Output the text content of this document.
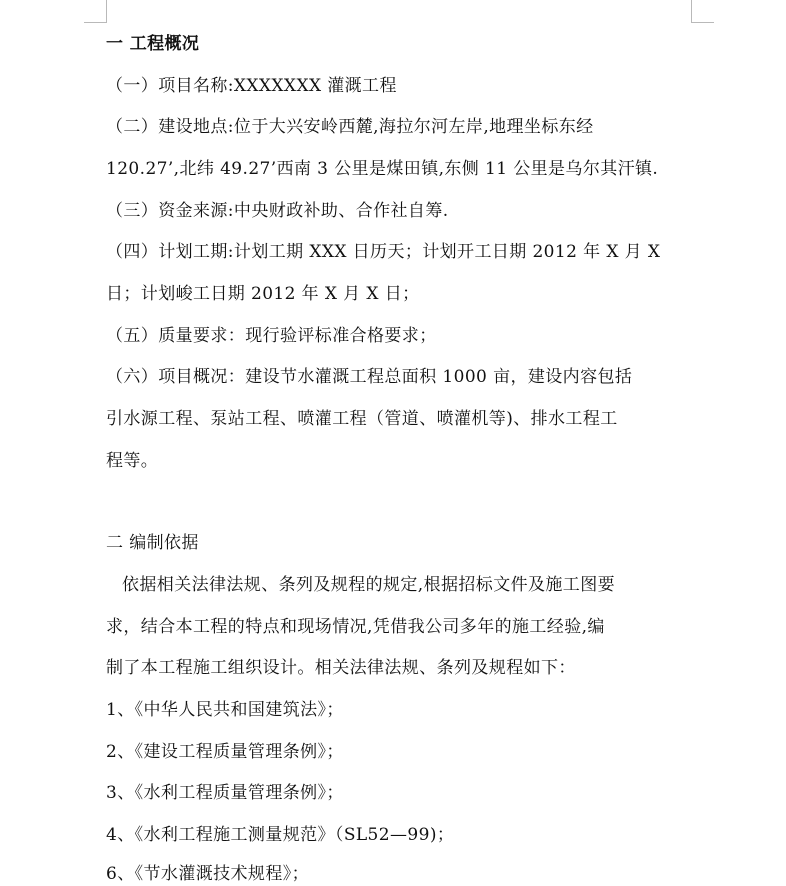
一 工程概况
（一）项目名称:XXXXXXX 灌溉工程
（二）建设地点:位于大兴安岭西麓,海拉尔河左岸,地理坐标东经
120.27’,北纬 49.27’西南 3 公里是煤田镇,东侧 11 公里是乌尔其汗镇.
（三）资金来源:中央财政补助、合作社自筹.
（四）计划工期:计划工期 XXX 日历天；计划开工日期 2012 年 X 月 X
日；计划峻工日期 2012 年 X 月 X 日；
（五）质量要求：现行验评标准合格要求；
（六）项目概况：建设节水灌溉工程总面积 1000 亩，建设内容包括
引水源工程、泵站工程、喷灌工程（管道、喷灌机等)、排水工程工
程等。
二 编制依据
依据相关法律法规、条列及规程的规定,根据招标文件及施工图要
求，结合本工程的特点和现场情况,凭借我公司多年的施工经验,编
制了本工程施工组织设计。相关法律法规、条列及规程如下：
1、《中华人民共和国建筑法》；
2、《建设工程质量管理条例》；
3、《水利工程质量管理条例》；
4、《水利工程施工测量规范》（SL52—99)；
6、《节水灌溉技术规程》；
